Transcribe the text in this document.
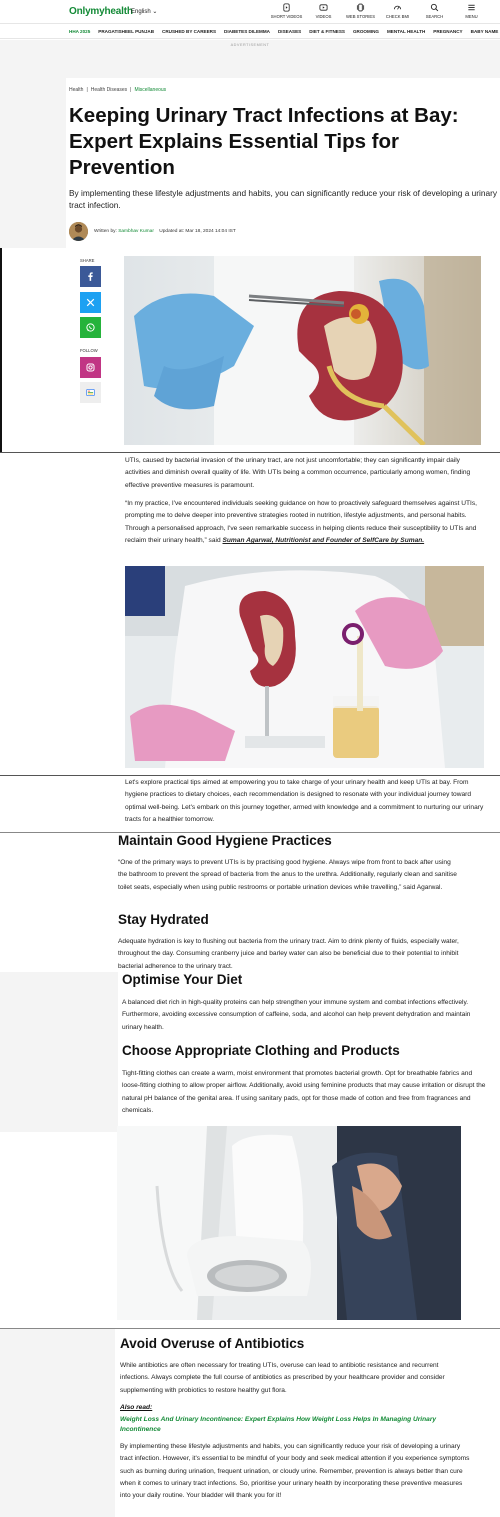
Onlymyhealth
English ⌄
SHORT VIDEOS	VIDEOS	WEB STORIES	CHECK BMI	SEARCH	MENU
HHA 2025 PRAGATISHEEL PUNJAB CRUSHED BY CAREERS DIABETES DILEMMA DISEASES DIET & FITNESS GROOMING MENTAL HEALTH PREGNANCY BABY NAME
ADVERTISEMENT
Health | Health Diseases | Miscellaneous
Keeping Urinary Tract Infections at Bay: Expert Explains Essential Tips for Prevention

By implementing these lifestyle adjustments and habits, you can significantly reduce your risk of developing a urinary tract infection.

Written by: Sambhav Kumar Updated at: Mar 18, 2024 14:04 IST
SHARE
FOLLOW

UTIs, caused by bacterial invasion of the urinary tract, are not just uncomfortable; they can significantly impair daily activities and diminish overall quality of life. With UTIs being a common occurrence, particularly among women, finding effective preventive measures is paramount.

“In my practice, I've encountered individuals seeking guidance on how to proactively safeguard themselves against UTIs, prompting me to delve deeper into preventive strategies rooted in nutrition, lifestyle adjustments, and personal habits. Through a personalised approach, I've seen remarkable success in helping clients reduce their susceptibility to UTIs and reclaim their urinary health,” said Suman Agarwal, Nutritionist and Founder of SelfCare by Suman.

Let's explore practical tips aimed at empowering you to take charge of your urinary health and keep UTIs at bay. From hygiene practices to dietary choices, each recommendation is designed to resonate with your individual journey toward optimal well-being. Let's embark on this journey together, armed with knowledge and a commitment to nurturing our urinary tracts for a healthier tomorrow.

Maintain Good Hygiene Practices

“One of the primary ways to prevent UTIs is by practising good hygiene. Always wipe from front to back after using the bathroom to prevent the spread of bacteria from the anus to the urethra. Additionally, regularly clean and sanitise toilet seats, especially when using public restrooms or portable urination devices while travelling,” said Agarwal.

Stay Hydrated

Adequate hydration is key to flushing out bacteria from the urinary tract. Aim to drink plenty of fluids, especially water, throughout the day. Consuming cranberry juice and barley water can also be beneficial due to their potential to inhibit bacterial adherence to the urinary tract.

Optimise Your Diet

A balanced diet rich in high-quality proteins can help strengthen your immune system and combat infections effectively. Furthermore, avoiding excessive consumption of caffeine, soda, and alcohol can help prevent dehydration and maintain urinary health.

Choose Appropriate Clothing and Products

Tight-fitting clothes can create a warm, moist environment that promotes bacterial growth. Opt for breathable fabrics and loose-fitting clothing to allow proper airflow. Additionally, avoid using feminine products that may cause irritation or disrupt the natural pH balance of the genital area. If using sanitary pads, opt for those made of cotton and free from fragrances and chemicals.

Avoid Overuse of Antibiotics

While antibiotics are often necessary for treating UTIs, overuse can lead to antibiotic resistance and recurrent infections. Always complete the full course of antibiotics as prescribed by your healthcare provider and consider supplementing with probiotics to restore healthy gut flora.

Also read:
Weight Loss And Urinary Incontinence: Expert Explains How Weight Loss Helps In Managing Urinary Incontinence

By implementing these lifestyle adjustments and habits, you can significantly reduce your risk of developing a urinary tract infection. However, it's essential to be mindful of your body and seek medical attention if you experience symptoms such as burning during urination, frequent urination, or cloudy urine. Remember, prevention is always better than cure when it comes to urinary tract infections. So, prioritise your urinary health by incorporating these preventive measures into your daily routine. Your bladder will thank you for it!
